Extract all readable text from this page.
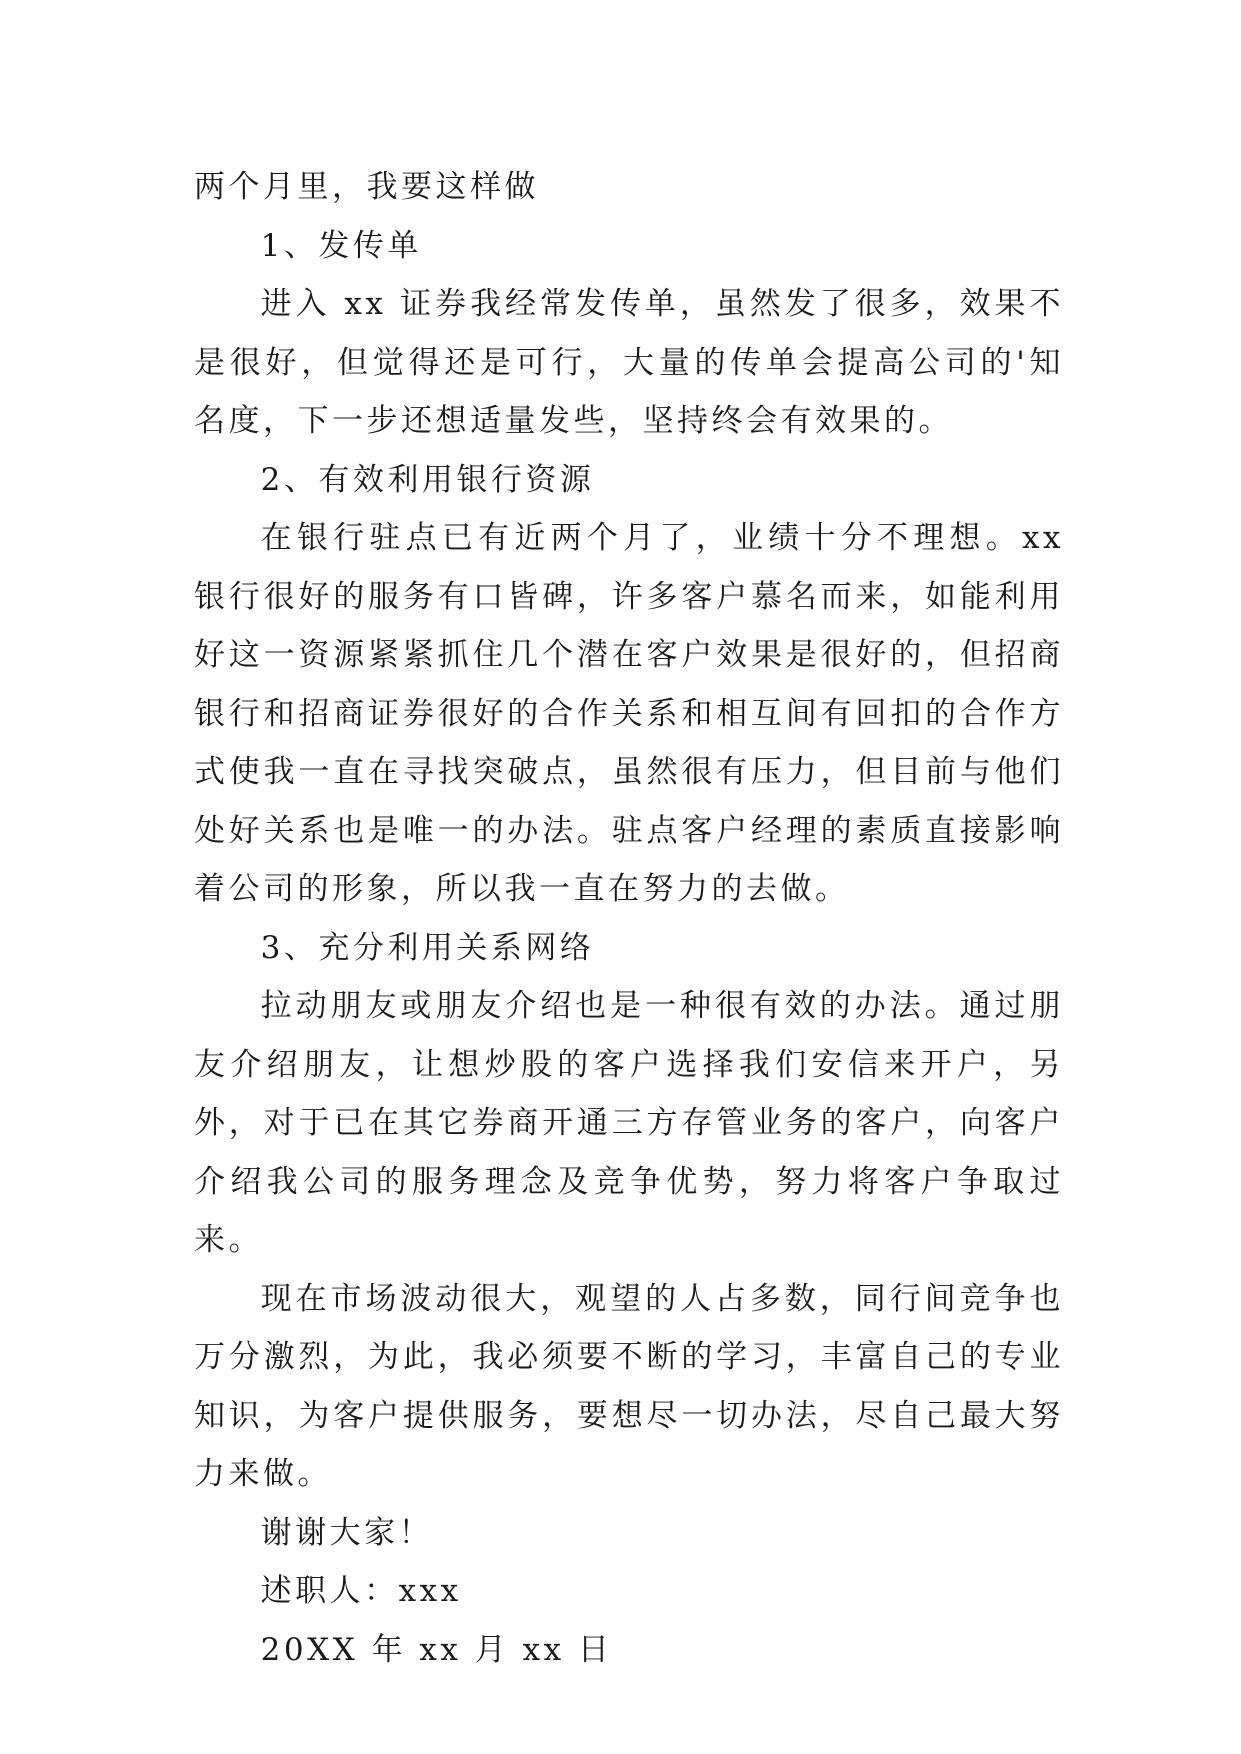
两个月里，我要这样做

1、发传单

进入 xx 证券我经常发传单，虽然发了很多，效果不是很好，但觉得还是可行，大量的传单会提高公司的'知名度，下一步还想适量发些，坚持终会有效果的。

2、有效利用银行资源

在银行驻点已有近两个月了，业绩十分不理想。xx 银行很好的服务有口皆碑，许多客户慕名而来，如能利用好这一资源紧紧抓住几个潜在客户效果是很好的，但招商银行和招商证券很好的合作关系和相互间有回扣的合作方式使我一直在寻找突破点，虽然很有压力，但目前与他们处好关系也是唯一的办法。驻点客户经理的素质直接影响着公司的形象，所以我一直在努力的去做。

3、充分利用关系网络

拉动朋友或朋友介绍也是一种很有效的办法。通过朋友介绍朋友，让想炒股的客户选择我们安信来开户，另外，对于已在其它券商开通三方存管业务的客户，向客户介绍我公司的服务理念及竞争优势，努力将客户争取过来。

现在市场波动很大，观望的人占多数，同行间竞争也万分激烈，为此，我必须要不断的学习，丰富自己的专业知识，为客户提供服务，要想尽一切办法，尽自己最大努力来做。

谢谢大家！

述职人：xxx

20XX 年 xx 月 xx 日
